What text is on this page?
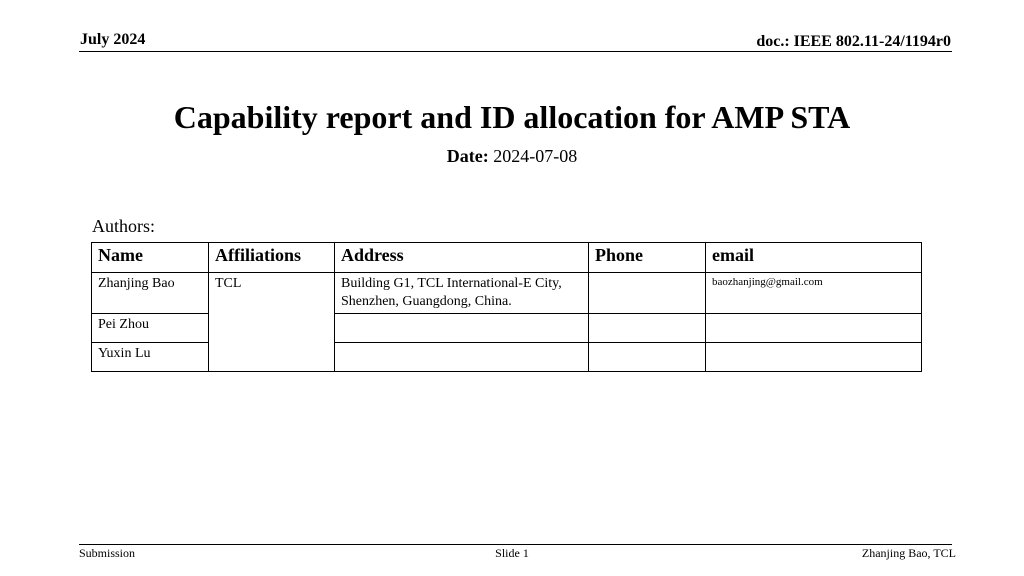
July 2024	doc.: IEEE 802.11-24/1194r0
Capability report and ID allocation for AMP STA
Date: 2024-07-08
Authors:
Name	Affiliations	Address	Phone	email
Zhanjing Bao	TCL	Building G1, TCL International-E City, Shenzhen, Guangdong, China.		baozhanjing@gmail.com
Pei Zhou				
Yuxin Lu				
Submission	Slide 1	Zhanjing Bao, TCL
